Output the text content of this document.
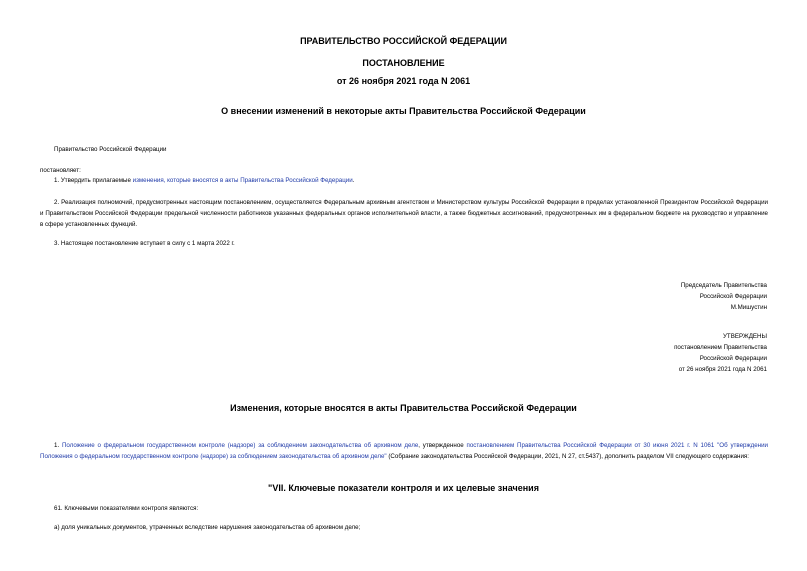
ПРАВИТЕЛЬСТВО РОССИЙСКОЙ ФЕДЕРАЦИИ
ПОСТАНОВЛЕНИЕ
от 26 ноября 2021 года N 2061
О внесении изменений в некоторые акты Правительства Российской Федерации
Правительство Российской Федерации
постановляет:
1. Утвердить прилагаемые изменения, которые вносятся в акты Правительства Российской Федерации.
2. Реализация полномочий, предусмотренных настоящим постановлением, осуществляется Федеральным архивным агентством и Министерством культуры Российской Федерации в пределах установленной Президентом Российской Федерации и Правительством Российской Федерации предельной численности работников указанных федеральных органов исполнительной власти, а также бюджетных ассигнований, предусмотренных им в федеральном бюджете на руководство и управление в сфере установленных функций.
3. Настоящее постановление вступает в силу с 1 марта 2022 г.
Председатель Правительства
Российской Федерации
М.Мишустин
УТВЕРЖДЕНЫ
постановлением Правительства
Российской Федерации
от 26 ноября 2021 года N 2061
Изменения, которые вносятся в акты Правительства Российской Федерации
1. Положение о федеральном государственном контроле (надзоре) за соблюдением законодательства об архивном деле, утвержденное постановлением Правительства Российской Федерации от 30 июня 2021 г. N 1061 "Об утверждении Положения о федеральном государственном контроле (надзоре) за соблюдением законодательства об архивном деле" (Собрание законодательства Российской Федерации, 2021, N 27, ст.5437), дополнить разделом VII следующего содержания:
"VII. Ключевые показатели контроля и их целевые значения
61. Ключевыми показателями контроля являются:
а) доля уникальных документов, утраченных вследствие нарушения законодательства об архивном деле;
